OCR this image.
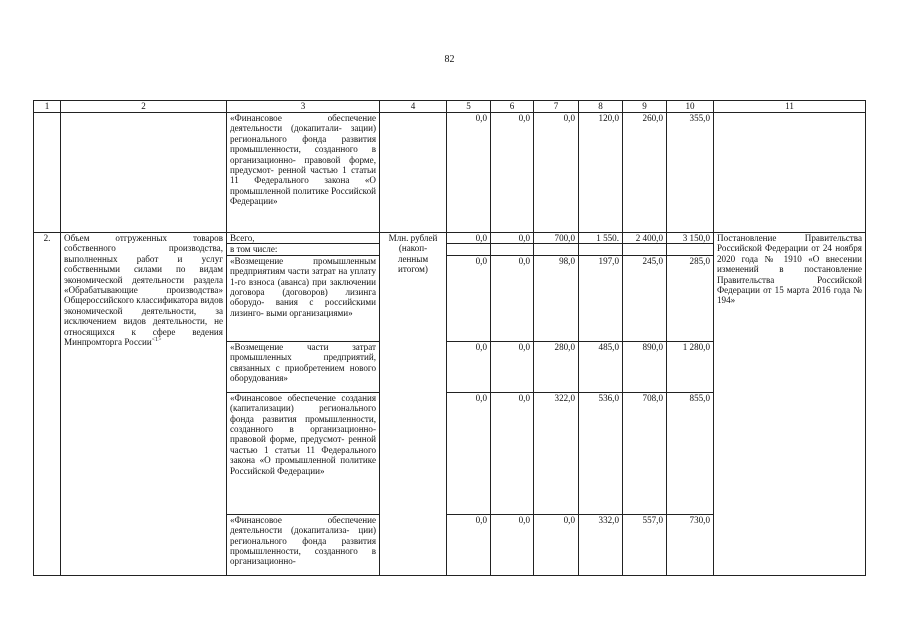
82
1	2	3	4	5	6	7	8	9	10	11
		«Финансовое обеспечение деятельности (докапитали- зации) регионального фонда развития промышленности, созданного в организационно- правовой форме, предусмот- ренной частью 1 статьи 11 Федерального закона «О промышленной политике Российской Федерации»		0,0	0,0	0,0	120,0	260,0	355,0	
2.	Объем отгруженных товаров собственного производства, выполненных работ и услуг собственными силами по видам экономической деятельности раздела «Обрабатывающие производства» Общероссийского классификатора видов экономической деятельности, за исключением видов деятельности, не относящихся к сфере ведения Минпромторга России$^{<1>}$	Всего,	Млн. рублей (накоп- ленным итогом)	0,0	0,0	700,0	1 550.	2 400,0	3 150,0	Постановление Правительства Российской Федерации от 24 ноября 2020 года № 1910 «О внесении изменений в постановление Правительства Российской Федерации от 15 марта 2016 года № 194»
		в том числе:								
		«Возмещение промышленным предприятиям части затрат на уплату 1-го взноса (аванса) при заключении договора (договоров) лизинга оборудо- вания с российскими лизинго- выми организациями»		0,0	0,0	98,0	197,0	245,0	285,0	
		«Возмещение части затрат промышленных предприятий, связанных с приобретением нового оборудования»		0,0	0,0	280,0	485,0	890,0	1 280,0	
		«Финансовое обеспечение создания (капитализации) регионального фонда развития промышленности, созданного в организационно- правовой форме, предусмот- ренной частью 1 статьи 11 Федерального закона «О промышленной политике Российской Федерации»		0,0	0,0	322,0	536,0	708,0	855,0	
		«Финансовое обеспечение деятельности (докапитализа- ции) регионального фонда развития промышленности, созданного в организационно-		0,0	0,0	0,0	332,0	557,0	730,0	
